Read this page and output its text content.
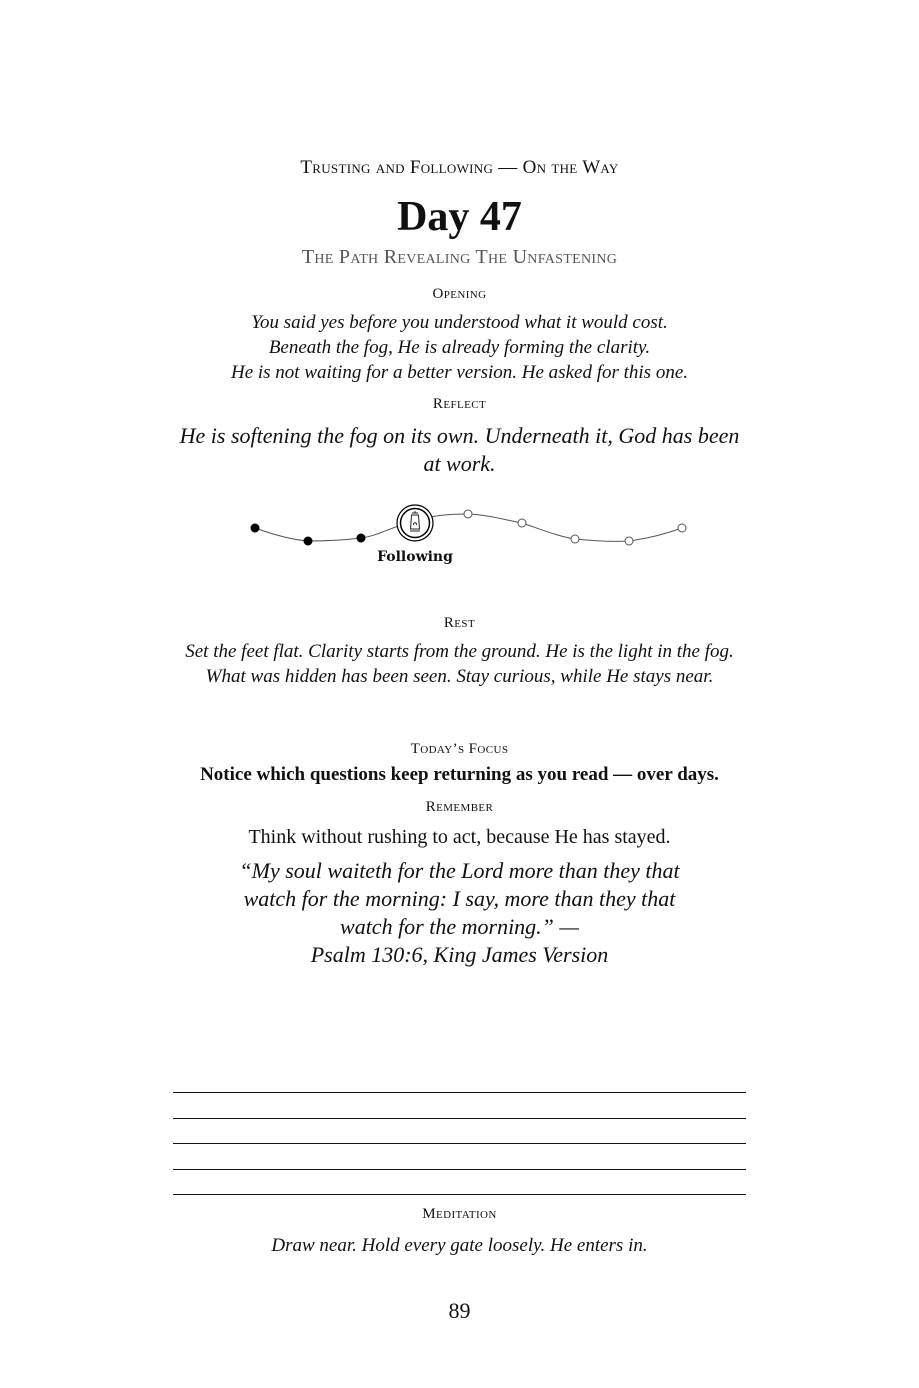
Trusting and Following — On the Way
Day 47
The Path Revealing The Unfastening
Opening
You said yes before you understood what it would cost.
Beneath the fog, He is already forming the clarity.
He is not waiting for a better version. He asked for this one.
Reflect
He is softening the fog on its own. Underneath it, God has been at work.
Following
Rest
Set the feet flat. Clarity starts from the ground. He is the light in the fog.
What was hidden has been seen. Stay curious, while He stays near.
Today’s Focus
Notice which questions keep returning as you read — over days.
Remember
Think without rushing to act, because He has stayed.
“My soul waiteth for the Lord more than they that watch for the morning: I say, more than they that watch for the morning.” —
Psalm 130:6, King James Version
Meditation
Draw near. Hold every gate loosely. He enters in.
89
